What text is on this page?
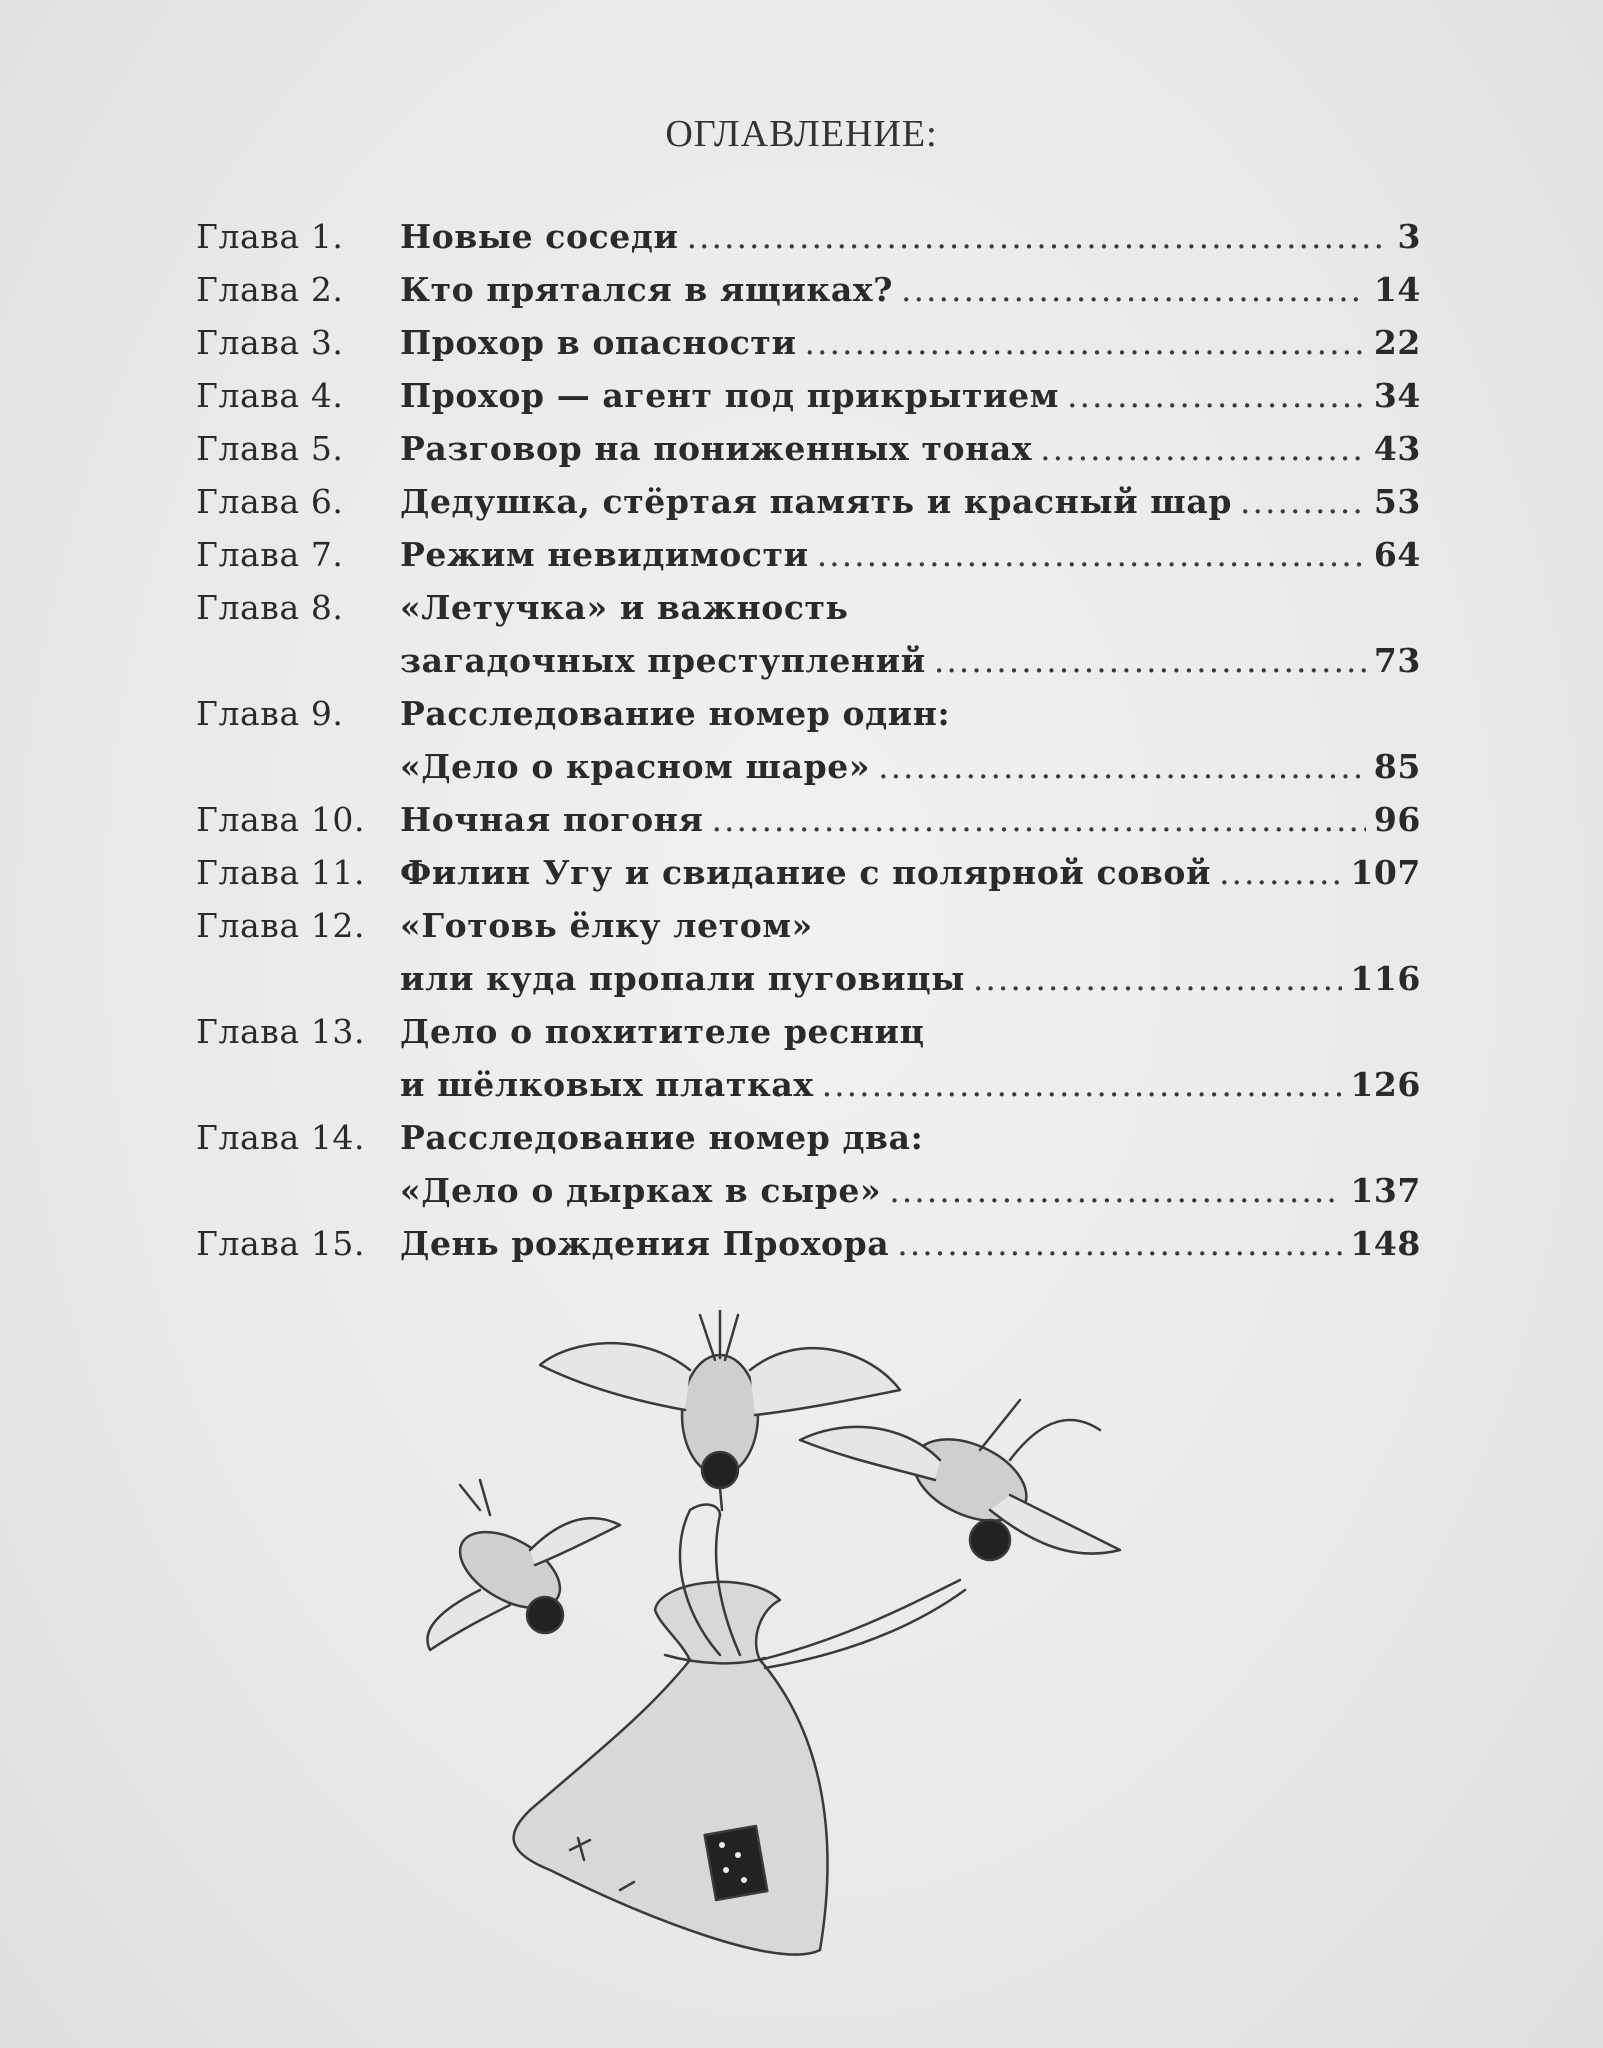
ОГЛАВЛЕНИЕ:
Глава 1.	Новые соседи .....	3
Глава 2.	Кто прятался в ящиках? .....	14
Глава 3.	Прохор в опасности .....	22
Глава 4.	Прохор — агент под прикрытием .....	34
Глава 5.	Разговор на пониженных тонах .....	43
Глава 6.	Дедушка, стёртая память и красный шар .....	53
Глава 7.	Режим невидимости .....	64
Глава 8.	«Летучка» и важность
загадочных преступлений .....	73
Глава 9.	Расследование номер один:
«Дело о красном шаре» .....	85
Глава 10.	Ночная погоня .....	96
Глава 11.	Филин Угу и свидание с полярной совой .....	107
Глава 12.	«Готовь ёлку летом»
или куда пропали пуговицы .....	116
Глава 13.	Дело о похитителе ресниц
и шёлковых платках .....	126
Глава 14.	Расследование номер два:
«Дело о дырках в сыре» .....	137
Глава 15.	День рождения Прохора .....	148
